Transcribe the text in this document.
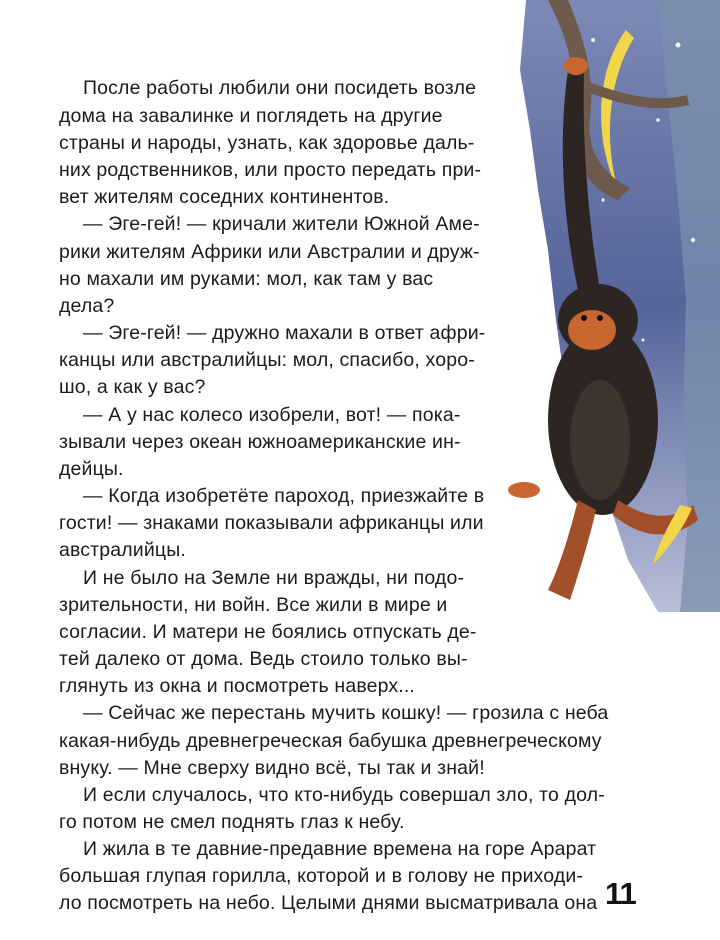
После работы любили они посидеть возле
дома на завалинке и поглядеть на другие
страны и народы, узнать, как здоровье даль-
них родственников, или просто передать при-
вет жителям соседних континентов.
— Эге-гей! — кричали жители Южной Аме-
рики жителям Африки или Австралии и друж-
но махали им руками: мол, как там у вас
дела?
— Эге-гей! — дружно махали в ответ афри-
канцы или австралийцы: мол, спасибо, хоро-
шо, а как у вас?
— А у нас колесо изобрели, вот! — пока-
зывали через океан южноамериканские ин-
дейцы.
— Когда изобретёте пароход, приезжайте в
гости! — знаками показывали африканцы или
австралийцы.
И не было на Земле ни вражды, ни подо-
зрительности, ни войн. Все жили в мире и
согласии. И матери не боялись отпускать де-
тей далеко от дома. Ведь стоило только вы-
глянуть из окна и посмотреть наверх...
— Сейчас же перестань мучить кошку! — грозила с неба
какая-нибудь древнегреческая бабушка древнегреческому
внуку. — Мне сверху видно всё, ты так и знай!
И если случалось, что кто-нибудь совершал зло, то дол-
го потом не смел поднять глаз к небу.
И жила в те давние-предавние времена на горе Арарат
большая глупая горилла, которой и в голову не приходи-
ло посмотреть на небо. Целыми днями высматривала она 11
